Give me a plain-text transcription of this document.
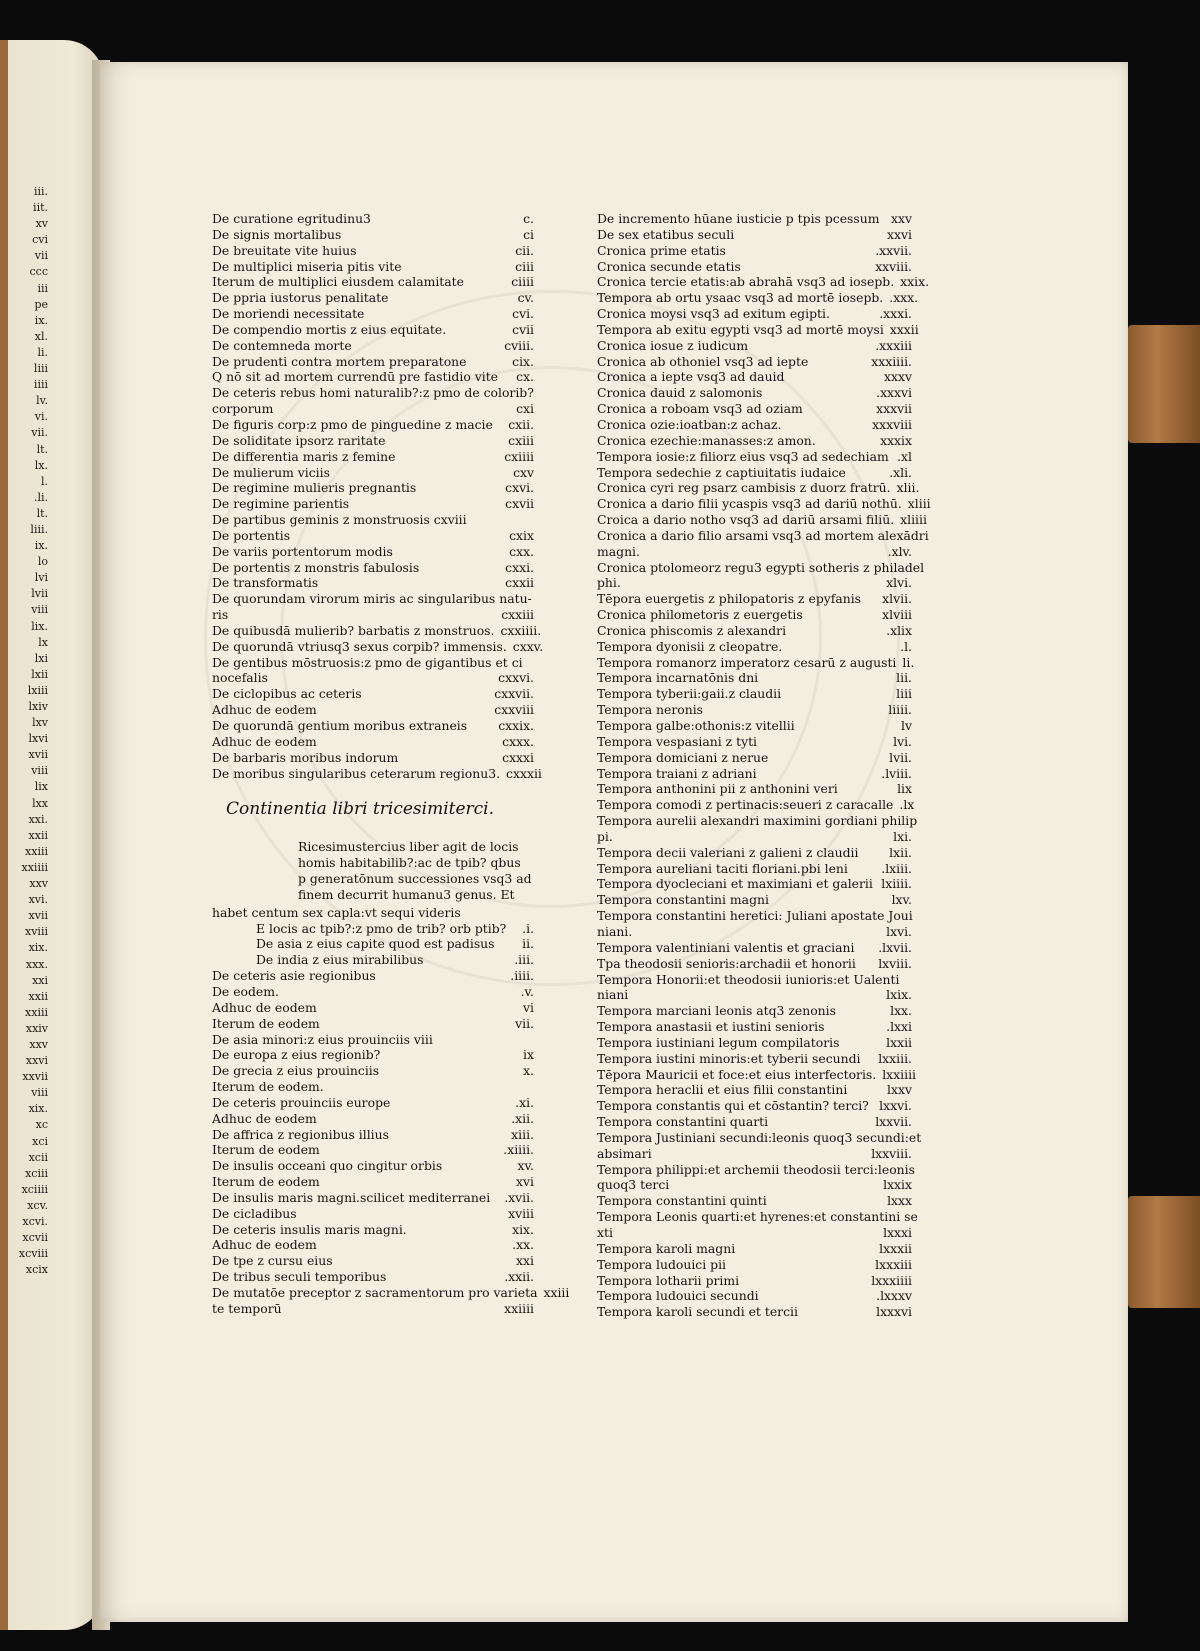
iii.
iit.
xv
cvi
vii
ccc
iii
pe
ix.
xl.
li.
liii
iiii
lv.
vi.
vii.
lt.
lx.
l.
.li.
lt.
liii.
ix.
lo
lvi
lvii
viii
lix.
lx
lxi
lxii
lxiii
lxiv
lxv
lxvi
xvii
viii
lix
lxx
xxi.
xxii
xxiii
xxiiii
xxv
xvi.
xvii
xviii
xix.
xxx.
xxi
xxii
xxiii
xxiv
xxv
xxvi
xxvii
viii
xix.
xc
xci
xcii
xciii
xciiii
xcv.
xcvi.
xcvii
xcviii
xcix
De curatione egritudinu3	c.
De signis mortalibus	ci
De breuitate vite huius	cii.
De multiplici miseria pitis vite	ciii
Iterum de multiplici eiusdem calamitate	ciiii
De ppria iustorus penalitate	cv.
De moriendi necessitate	cvi.
De compendio mortis z eius equitate.	cvii
De contemneda morte	cviii.
De prudenti contra mortem preparatone	cix.
Q nō sit ad mortem currendū pre fastidio vite	cx.
De ceteris rebus homi naturalib?:z pmo de colorib?
corporum	cxi
De figuris corp:z pmo de pinguedine z macie	cxii.
De soliditate ipsorz raritate	cxiii
De differentia maris z femine	cxiiii
De mulierum viciis	cxv
De regimine mulieris pregnantis	cxvi.
De regimine parientis	cxvii
De partibus geminis z monstruosis cxviii
De portentis	cxix
De variis portentorum modis	cxx.
De portentis z monstris fabulosis	cxxi.
De transformatis	cxxii
De quorundam virorum miris ac singularibus natu-
ris	cxxiii
De quibusdā mulierib? barbatis z monstruos. cxxiiii.
De quorundā vtriusq3 sexus corpib? immensis. cxxv.
De gentibus mōstruosis:z pmo de gigantibus et ci
nocefalis	cxxvi.
De ciclopibus ac ceteris	cxxvii.
Adhuc de eodem	cxxviii
De quorundā gentium moribus extraneis	cxxix.
Adhuc de eodem	cxxx.
De barbaris moribus indorum	cxxxi
De moribus singularibus ceterarum regionu3. cxxxii
Continentia libri tricesimiterci.
Ricesimustercius liber agit de locis
homis habitabilib?:ac de tpib? qbus
p generatōnum successiones vsq3 ad
finem decurrit humanu3 genus. Et
habet centum sex capla:vt sequi videris
E locis ac tpib?:z pmo de trib? orb ptib?	.i.
De asia z eius capite quod est padisus	ii.
De india z eius mirabilibus	.iii.
De ceteris asie regionibus	.iiii.
De eodem.	.v.
Adhuc de eodem	vi
Iterum de eodem	vii.
De asia minori:z eius prouinciis viii
De europa z eius regionib?	ix
De grecia z eius prouinciis	x.
Iterum de eodem.
De ceteris prouinciis europe	.xi.
Adhuc de eodem	.xii.
De affrica z regionibus illius	xiii.
Iterum de eodem	.xiiii.
De insulis occeani quo cingitur orbis	xv.
Iterum de eodem	xvi
De insulis maris magni.scilicet mediterranei	.xvii.
De cicladibus	xviii
De ceteris insulis maris magni.	xix.
Adhuc de eodem	.xx.
De tpe z cursu eius	xxi
De tribus seculi temporibus	.xxii.
De mutatōe preceptor z sacramentorum pro varieta xxiii
te temporū	xxiiii
De incremento hūane iusticie p tpis pcessum xxv
De sex etatibus seculi	xxvi
Cronica prime etatis	.xxvii.
Cronica secunde etatis	xxviii.
Cronica tercie etatis:ab abrahā vsq3 ad iosepb. xxix.
Tempora ab ortu ysaac vsq3 ad mortē iosepb. .xxx.
Cronica moysi vsq3 ad exitum egipti.	.xxxi.
Tempora ab exitu egypti vsq3 ad mortē moysi xxxii
Cronica iosue z iudicum	.xxxiii
Cronica ab othoniel vsq3 ad iepte	xxxiiii.
Cronica a iepte vsq3 ad dauid	xxxv
Cronica dauid z salomonis	.xxxvi
Cronica a roboam vsq3 ad oziam	xxxvii
Cronica ozie:ioatban:z achaz.	xxxviii
Cronica ezechie:manasses:z amon.	xxxix
Tempora iosie:z filiorz eius vsq3 ad sedechiam .xl
Tempora sedechie z captiuitatis iudaice	.xli.
Cronica cyri reg psarz cambisis z duorz fratrū. xlii.
Cronica a dario filii ycaspis vsq3 ad dariū nothū. xliii
Croica a dario notho vsq3 ad dariū arsami filiū. xliiii
Cronica a dario filio arsami vsq3 ad mortem alexādri
magni.	.xlv.
Cronica ptolomeorz regu3 egypti sotheris z philadel
phi.	xlvi.
Tēpora euergetis z philopatoris z epyfanis	xlvii.
Cronica philometoris z euergetis	xlviii
Cronica phiscomis z alexandri	.xlix
Tempora dyonisii z cleopatre.	.l.
Tempora romanorz imperatorz cesarū z augusti li.
Tempora incarnatōnis dni	lii.
Tempora tyberii:gaii.z claudii	liii
Tempora neronis	liiii.
Tempora galbe:othonis:z vitellii	lv
Tempora vespasiani z tyti	lvi.
Tempora domiciani z nerue	lvii.
Tempora traiani z adriani	.lviii.
Tempora anthonini pii z anthonini veri	lix
Tempora comodi z pertinacis:seueri z caracalle .lx
Tempora aurelii alexandri maximini gordiani philip
pi.	lxi.
Tempora decii valeriani z galieni z claudii	lxii.
Tempora aureliani taciti floriani.pbi leni	.lxiii.
Tempora dyocleciani et maximiani et galerii lxiiii.
Tempora constantini magni	lxv.
Tempora constantini heretici: Juliani apostate Joui
niani.	lxvi.
Tempora valentiniani valentis et graciani	.lxvii.
Tpa theodosii senioris:archadii et honorii	lxviii.
Tempora Honorii:et theodosii iunioris:et Ualenti
niani	lxix.
Tempora marciani leonis atq3 zenonis	lxx.
Tempora anastasii et iustini senioris	.lxxi
Tempora iustiniani legum compilatoris	lxxii
Tempora iustini minoris:et tyberii secundi	lxxiii.
Tēpora Mauricii et foce:et eius interfectoris. lxxiiii
Tempora heraclii et eius filii constantini	lxxv
Tempora constantis qui et cōstantin? terci? lxxvi.
Tempora constantini quarti	lxxvii.
Tempora Justiniani secundi:leonis quoq3 secundi:et
absimari	lxxviii.
Tempora philippi:et archemii theodosii terci:leonis
quoq3 terci	lxxix
Tempora constantini quinti	lxxx
Tempora Leonis quarti:et hyrenes:et constantini se
xti	lxxxi
Tempora karoli magni	lxxxii
Tempora ludouici pii	lxxxiii
Tempora lotharii primi	lxxxiiii
Tempora ludouici secundi	.lxxxv
Tempora karoli secundi et tercii	lxxxvi
